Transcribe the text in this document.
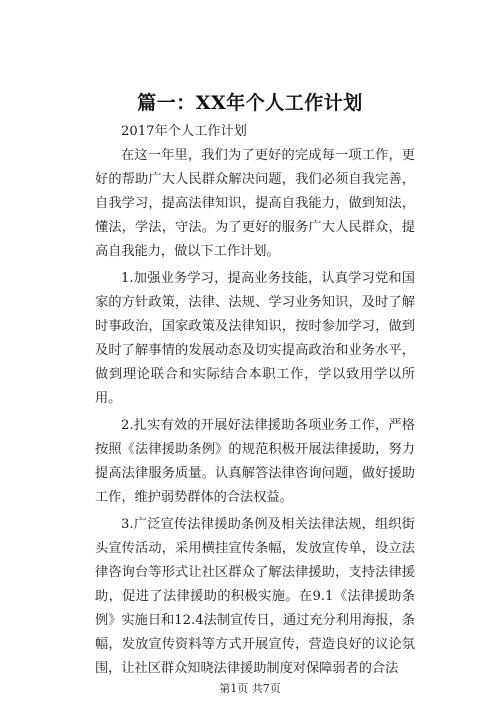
篇一：XX年个人工作计划

2017年个人工作计划

在这一年里，我们为了更好的完成每一项工作，更好的帮助广大人民群众解决问题，我们必须自我完善，自我学习，提高法律知识，提高自我能力，做到知法，懂法，学法，守法。为了更好的服务广大人民群众，提高自我能力，做以下工作计划。

1.加强业务学习，提高业务技能，认真学习党和国家的方针政策，法律、法规、学习业务知识，及时了解时事政治，国家政策及法律知识，按时参加学习，做到及时了解事情的发展动态及切实提高政治和业务水平，做到理论联合和实际结合本职工作，学以致用学以所用。

2.扎实有效的开展好法律援助各项业务工作，严格按照《法律援助条例》的规范积极开展法律援助，努力提高法律服务质量。认真解答法律咨询问题，做好援助工作，维护弱势群体的合法权益。

3.广泛宣传法律援助条例及相关法律法规，组织街头宣传活动，采用横挂宣传条幅，发放宣传单，设立法律咨询台等形式让社区群众了解法律援助，支持法律援助，促进了法律援助的积极实施。在9.1《法律援助条例》实施日和12.4法制宣传日，通过充分利用海报，条幅，发放宣传资料等方式开展宣传，营造良好的议论氛围，让社区群众知晓法律援助制度对保障弱者的合法

第1页 共7页
